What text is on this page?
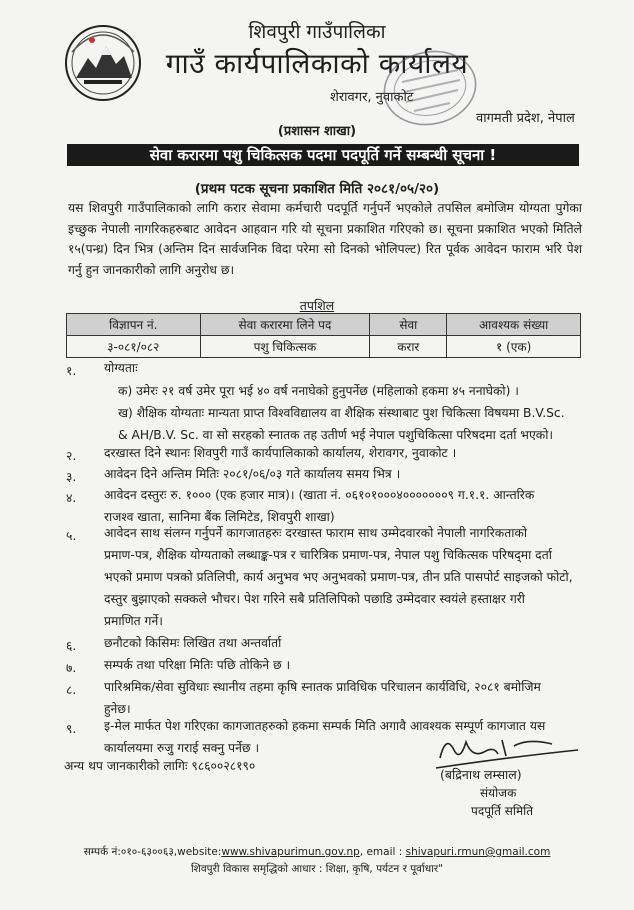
शिवपुरी गाउँपालिका
गाउँ कार्यपालिकाको कार्यालय
शेरावगर, नुवाकोट
वागमती प्रदेश, नेपाल
(प्रशासन शाखा)
सेवा करारमा पशु चिकित्सक पदमा पदपूर्ति गर्ने सम्बन्धी सूचना !
(प्रथम पटक सूचना प्रकाशित मिति २०८१/०५/२०)
यस शिवपुरी गाउँपालिकाको लागि करार सेवामा कर्मचारी पदपूर्ति गर्नुपर्ने भएकोले तपसिल बमोजिम योग्यता पुगेका इच्छुक नेपाली नागरिकहरुबाट आवेदन आहवान गरि यो सूचना प्रकाशित गरिएको छ। सूचना प्रकाशित भएको मितिले १५(पन्ध्र) दिन भित्र (अन्तिम दिन सार्वजनिक विदा परेमा सो दिनको भोलिपल्ट) रित पूर्वक आवेदन फाराम भरि पेश गर्नु हुन जानकारीको लागि अनुरोध छ।
तपशिल
विज्ञापन नं.	सेवा करारमा लिने पद	सेवा	आवश्यक संख्या
३-०८१/०८२	पशु चिकित्सक	करार	१ (एक)
१. योग्यताः
क) उमेरः २१ वर्ष उमेर पूरा भई ४० वर्ष ननाघेको हुनुपर्नेछ (महिलाको हकमा ४५ ननाघेको) ।
ख) शैक्षिक योग्यताः मान्यता प्राप्त विश्वविद्यालय वा शैक्षिक संस्थाबाट पुश चिकित्सा विषयमा B.V.Sc.
& AH/B.V. Sc. वा सो सरहको स्नातक तह उतीर्ण भई नेपाल पशुचिकित्सा परिषदमा दर्ता भएको।
२. दरखास्त दिने स्थानः शिवपुरी गाउँ कार्यपालिकाको कार्यालय, शेरावगर, नुवाकोट ।
३. आवेदन दिने अन्तिम मितिः २०८१/०६/०३ गते कार्यालय समय भित्र ।
४. आवेदन दस्तुरः रु. १००० (एक हजार मात्र)। (खाता नं. ०६१०१०००४०००००००९ ग.१.१. आन्तरिक
राजश्व खाता, सानिमा बैंक लिमिटेड, शिवपुरी शाखा)
५. आवेदन साथ संलग्न गर्नुपर्ने कागजातहरुः दरखास्त फाराम साथ उम्मेदवारको नेपाली नागरिकताको
प्रमाण-पत्र, शैक्षिक योग्यताको लब्धाङ्क-पत्र र चारित्रिक प्रमाण-पत्र, नेपाल पशु चिकित्सक परिषद्‌मा दर्ता
भएको प्रमाण पत्रको प्रतिलिपी, कार्य अनुभव भए अनुभवको प्रमाण-पत्र, तीन प्रति पासपोर्ट साइजको फोटो,
दस्तुर बुझाएको सक्कले भौचर। पेश गरिने सबै प्रतिलिपिको पछाडि उम्मेदवार स्वयंले हस्ताक्षर गरी
प्रमाणित गर्ने।
६. छनौटको किसिमः लिखित तथा अन्तर्वार्ता
७. सम्पर्क तथा परिक्षा मितिः पछि तोकिने छ ।
८. पारिश्रमिक/सेवा सुविधाः स्थानीय तहमा कृषि स्नातक प्राविधिक परिचालन कार्यविधि, २०८१ बमोजिम
हुनेछ।
९. इ-मेल मार्फत पेश गरिएका कागजातहरुको हकमा सम्पर्क मिति अगावै आवश्यक सम्पूर्ण कागजात यस
कार्यालयमा रुजु गराई सक्नु पर्नेछ ।
अन्य थप जानकारीको लागिः ९८६००२८१९०
(बद्रिनाथ लम्साल)
संयोजक
पदपूर्ति समिति
सम्पर्क नं:०१०-६३००६३,website:www.shivapurimun.gov.np, email : shivapuri.rmun@gmail.com
शिवपुरी विकास समृद्धिको आधार : शिक्षा, कृषि, पर्यटन र पूर्वाधार"
